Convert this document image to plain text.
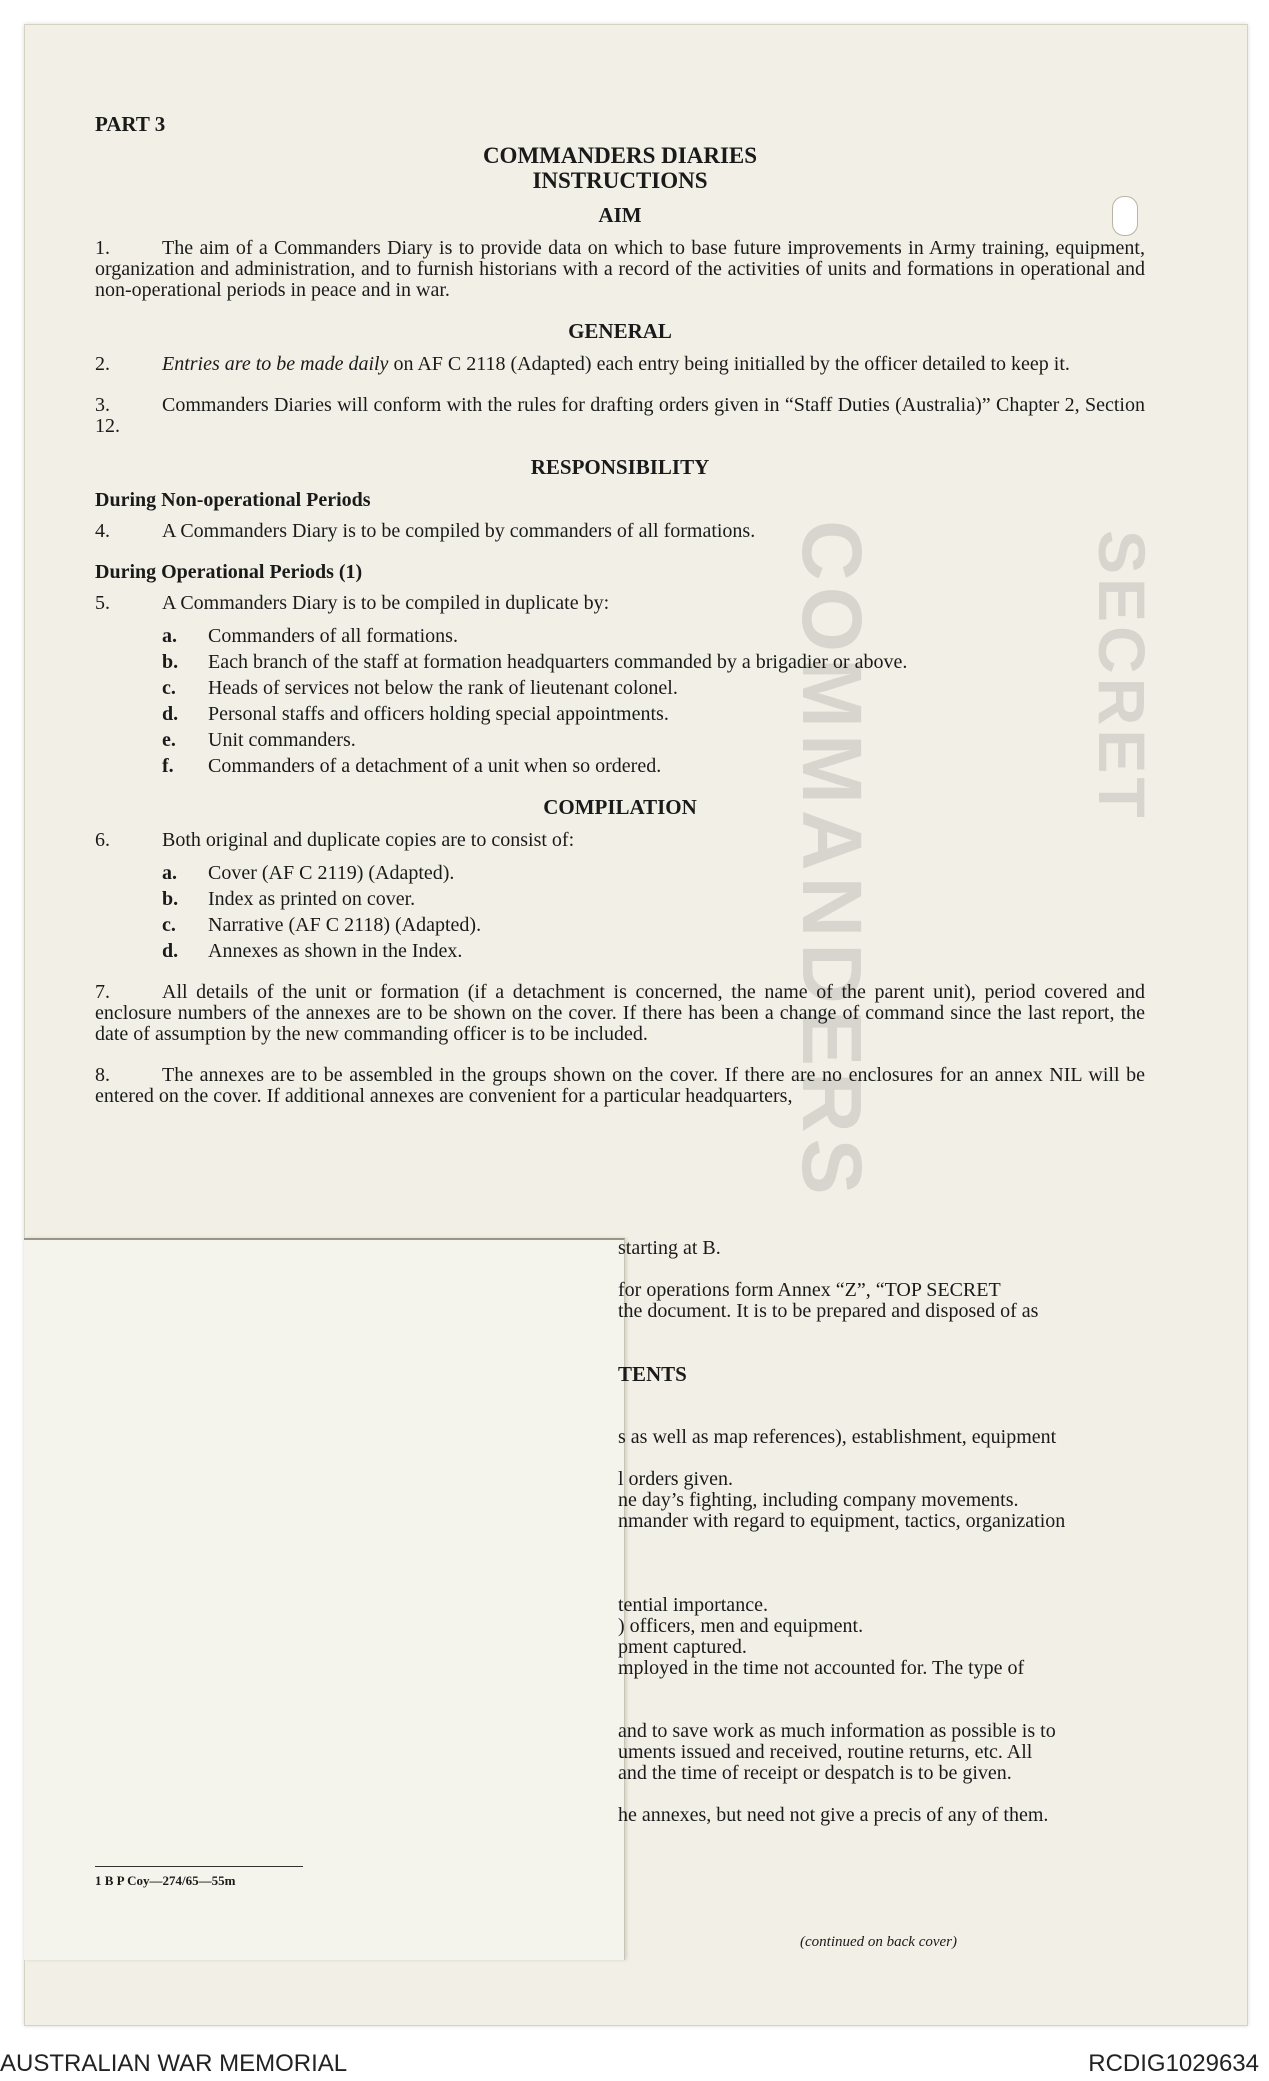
COMMANDERS	SECRET
PART 3
COMMANDERS DIARIES
INSTRUCTIONS
AIM
1.	The aim of a Commanders Diary is to provide data on which to base future improvements in Army training, equipment, organization and administration, and to furnish historians with a record of the activities of units and formations in operational and non-operational periods in peace and in war.
GENERAL
2.	Entries are to be made daily on AF C 2118 (Adapted) each entry being initialled by the officer detailed to keep it.
3.	Commanders Diaries will conform with the rules for drafting orders given in “Staff Duties (Australia)” Chapter 2, Section 12.
RESPONSIBILITY
During Non-operational Periods
4.	A Commanders Diary is to be compiled by commanders of all formations.
During Operational Periods (1)
5.	A Commanders Diary is to be compiled in duplicate by:
a. Commanders of all formations.
b. Each branch of the staff at formation headquarters commanded by a brigadier or above.
c. Heads of services not below the rank of lieutenant colonel.
d. Personal staffs and officers holding special appointments.
e. Unit commanders.
f. Commanders of a detachment of a unit when so ordered.
COMPILATION
6.	Both original and duplicate copies are to consist of:
a. Cover (AF C 2119) (Adapted).
b. Index as printed on cover.
c. Narrative (AF C 2118) (Adapted).
d. Annexes as shown in the Index.
7.	All details of the unit or formation (if a detachment is concerned, the name of the parent unit), period covered and enclosure numbers of the annexes are to be shown on the cover. If there has been a change of command since the last report, the date of assumption by the new commanding officer is to be included.
8.	The annexes are to be assembled in the groups shown on the cover. If there are no enclosures for an annex NIL will be entered on the cover. If additional annexes are convenient for a particular headquarters,
1 B P Coy—274/65—55m
starting at B.

for operations form Annex “Z”, “TOP SECRET
the document. It is to be prepared and disposed of as

TENTS

s as well as map references), establishment, equipment

l orders given.
ne day’s fighting, including company movements.
nmander with regard to equipment, tactics, organization

tential importance.
) officers, men and equipment.
pment captured.
mployed in the time not accounted for. The type of

and to save work as much information as possible is to
uments issued and received, routine returns, etc. All
and the time of receipt or despatch is to be given.

he annexes, but need not give a precis of any of them.
(continued on back cover)
AUSTRALIAN WAR MEMORIAL	RCDIG1029634
